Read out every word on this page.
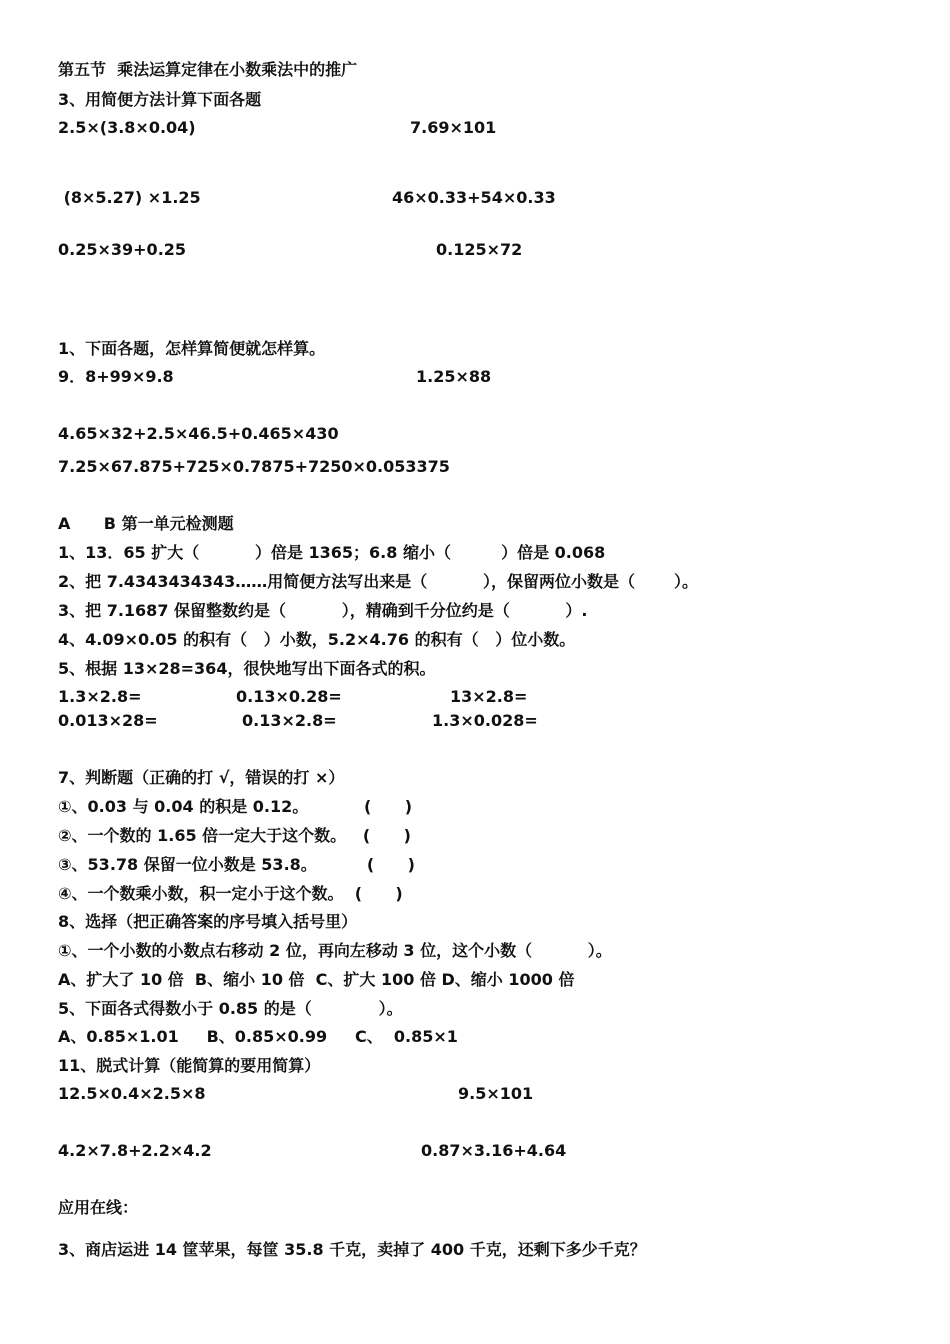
第五节  乘法运算定律在小数乘法中的推广
3、用简便方法计算下面各题
2.5×(3.8×0.04)	7.69×101
(8×5.27) ×1.25	46×0.33+54×0.33
0.25×39+0.25	0.125×72
1、下面各题，怎样算简便就怎样算。
9．8+99×9.8	1.25×88
4.65×32+2.5×46.5+0.465×430
7.25×67.875+725×0.7875+7250×0.053375
A      B 第一单元检测题
1、13．65 扩大（          ）倍是 1365；6.8 缩小（         ）倍是 0.068
2、把 7.4343434343……用简便方法写出来是（          ），保留两位小数是（       ）。
3、把 7.1687 保留整数约是（          ），精确到千分位约是（          ）.
4、4.09×0.05 的积有（   ）小数，5.2×4.76 的积有（   ）位小数。
5、根据 13×28=364，很快地写出下面各式的积。
1.3×2.8=	0.13×0.28=	13×2.8=
0.013×28=	0.13×2.8=	1.3×0.028=
7、判断题（正确的打 √，错误的打 ×）
①、0.03 与 0.04 的积是 0.12。          (      )
②、一个数的 1.65 倍一定大于这个数。   (      )
③、53.78 保留一位小数是 53.8。         (      )
④、一个数乘小数，积一定小于这个数。  (      )
8、选择（把正确答案的序号填入括号里）
①、一个小数的小数点右移动 2 位，再向左移动 3 位，这个小数（          ）。
A、扩大了 10 倍  B、缩小 10 倍  C、扩大 100 倍 D、缩小 1000 倍
5、下面各式得数小于 0.85 的是（            ）。
A、0.85×1.01     B、0.85×0.99     C、  0.85×1
11、脱式计算（能简算的要用简算）
12.5×0.4×2.5×8	9.5×101
4.2×7.8+2.2×4.2	0.87×3.16+4.64
应用在线：
3、商店运进 14 筐苹果，每筐 35.8 千克，卖掉了 400 千克，还剩下多少千克？
